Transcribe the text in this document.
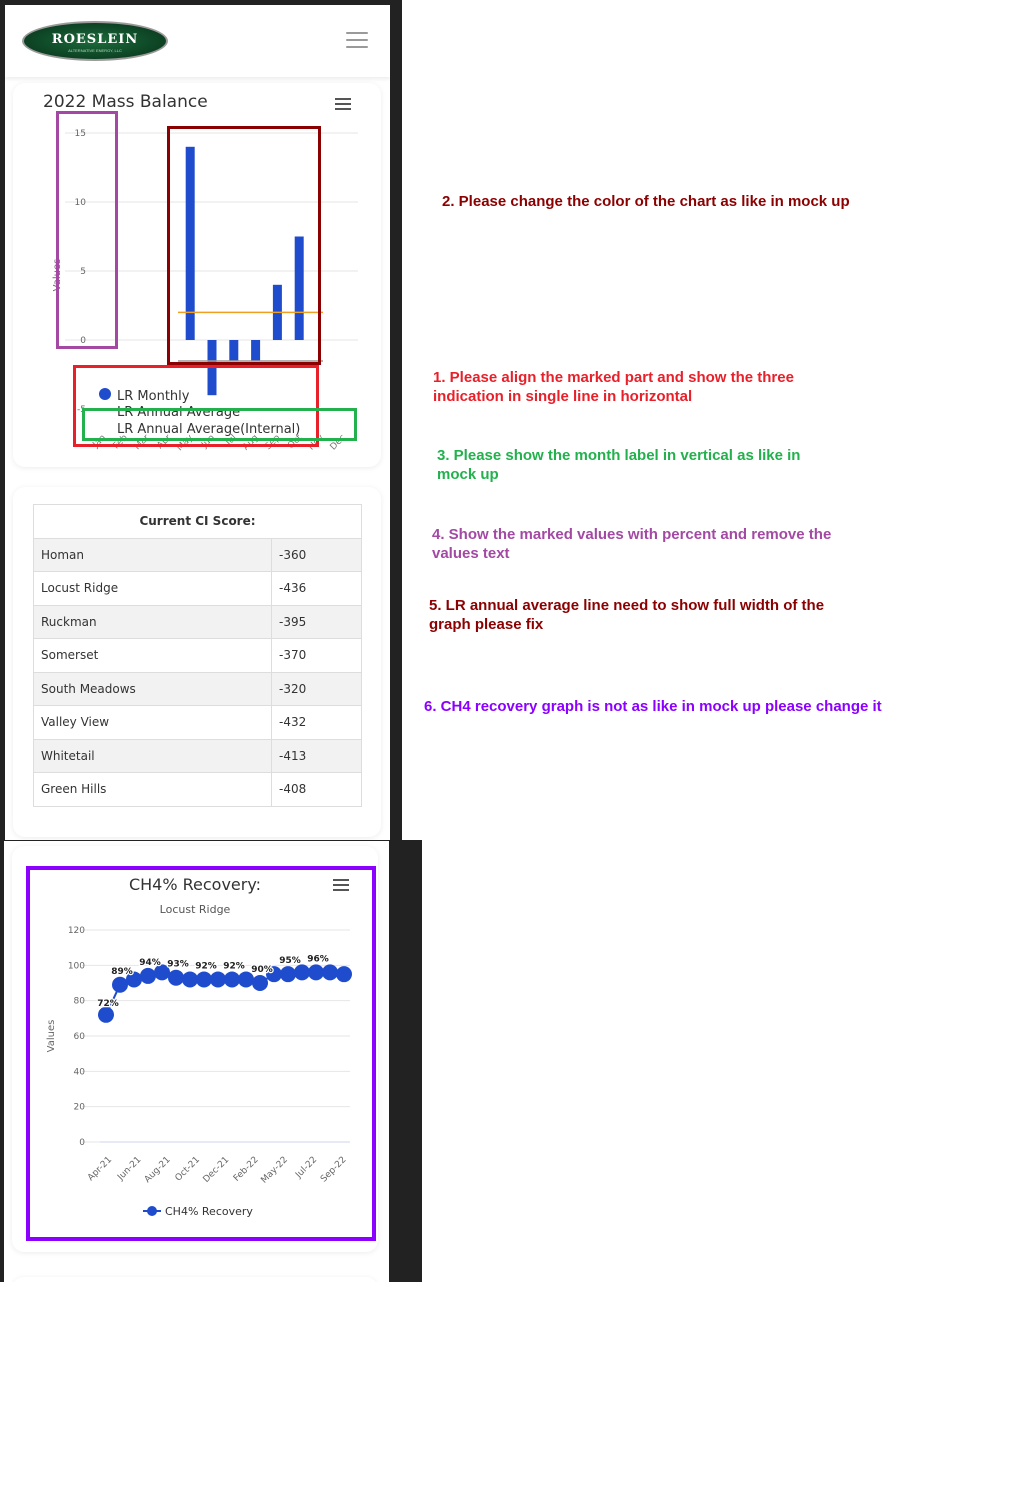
ROESLEIN
ALTERNATIVE ENERGY, LLC
2022 Mass Balance
15
10
5
0
-5
Values
LR Monthly
LR Annual Average
LR Annual Average(Internal)
Jan Feb Mar Apr May Jun Jul Aug Sep Oct Nov Dec
Current CI Score:	
Homan	-360
Locust Ridge	-436
Ruckman	-395
Somerset	-370
South Meadows	-320
Valley View	-432
Whitetail	-413
Green Hills	-408
CH4% Recovery:
Locust Ridge
120
100
80
60
40
20
0
Values
72%
89%
94% 93% 92% 92% 90%
95% 96%
Apr-21 Jun-21 Aug-21 Oct-21 Dec-21 Feb-22
May-22 Jul-22 Sep-22
CH4% Recovery
2. Please change the color of the chart as like in mock up
1. Please align the marked part and show the three indication in single line in horizontal
3. Please show the month label in vertical as like in mock up
4. Show the marked values with percent and remove the values text
5. LR annual average line need to show full width of the graph please fix
6. CH4 recovery graph is not as like in mock up please change it
